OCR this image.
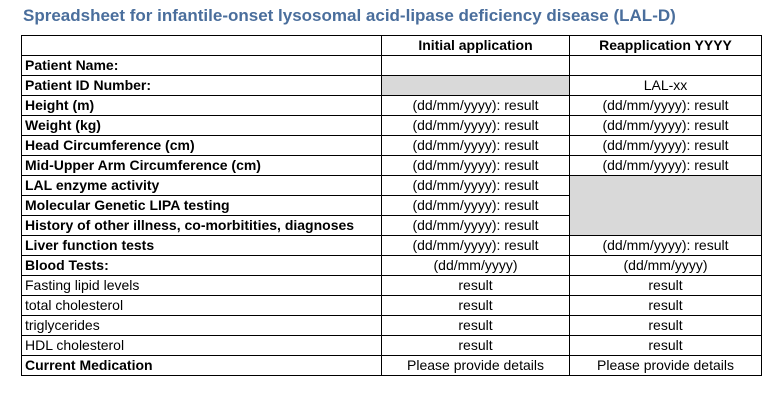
Spreadsheet for infantile-onset lysosomal acid-lipase deficiency disease (LAL-D)
	Initial application	Reapplication YYYY
Patient Name:		
Patient ID Number:		LAL-xx
Height (m)	(dd/mm/yyyy): result	(dd/mm/yyyy): result
Weight (kg)	(dd/mm/yyyy): result	(dd/mm/yyyy): result
Head Circumference (cm)	(dd/mm/yyyy): result	(dd/mm/yyyy): result
Mid-Upper Arm Circumference (cm)	(dd/mm/yyyy): result	(dd/mm/yyyy): result
LAL enzyme activity	(dd/mm/yyyy): result	
Molecular Genetic LIPA testing	(dd/mm/yyyy): result	
History of other illness, co-morbitities, diagnoses	(dd/mm/yyyy): result	
Liver function tests	(dd/mm/yyyy): result	(dd/mm/yyyy): result
Blood Tests:	(dd/mm/yyyy)	(dd/mm/yyyy)
Fasting lipid levels	result	result
total cholesterol	result	result
triglycerides	result	result
HDL cholesterol	result	result
Current Medication	Please provide details	Please provide details
